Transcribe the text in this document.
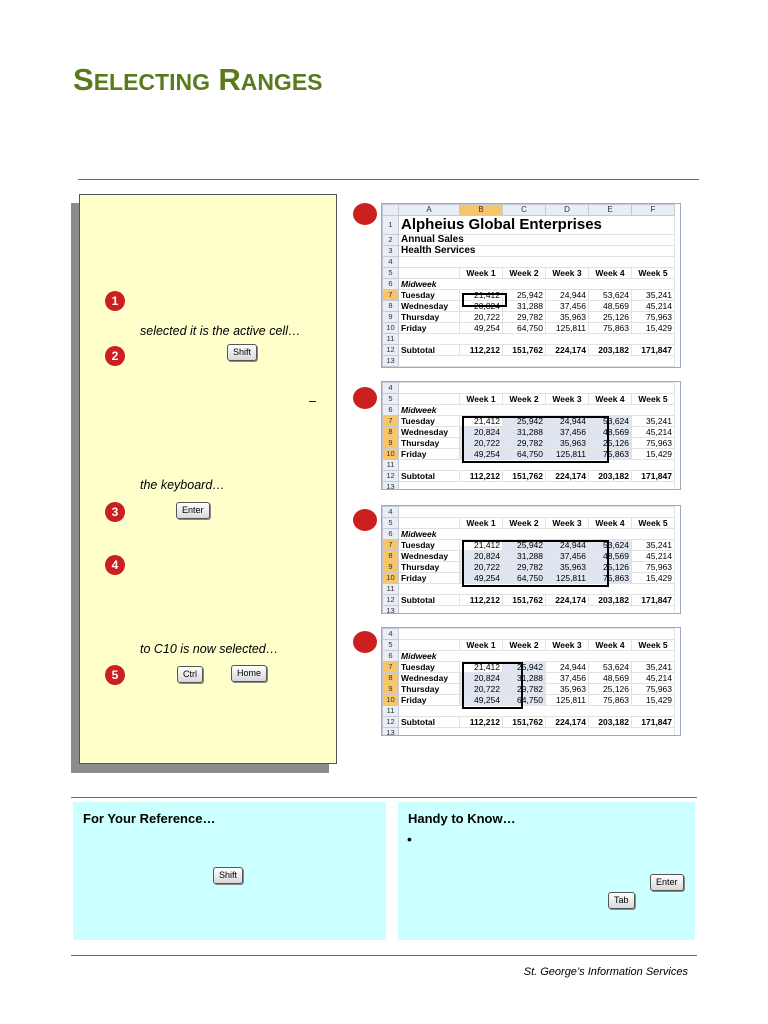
SELECTING RANGES
1
selected it is the active cell…
2	Shift
–
the keyboard…
3	Enter
4
to C10 is now selected…
5	Ctrl	Home
	A	B	C	D	E	F
1	Alpheius Global Enterprises					
2	Annual Sales					
3	Health Services					
4						
5		Week 1	Week 2	Week 3	Week 4	Week 5
6	Midweek					
7	Tuesday	21,412	25,942	24,944	53,624	35,241
8	Wednesday	20,824	31,288	37,456	48,569	45,214
9	Thursday	20,722	29,782	35,963	25,126	75,963
10	Friday	49,254	64,750	125,811	75,863	15,429
11						
12	Subtotal	112,212	151,762	224,174	203,182	171,847
13						
4						
5		Week 1	Week 2	Week 3	Week 4	Week 5
6	Midweek					
7	Tuesday	21,412	25,942	24,944	53,624	35,241
8	Wednesday	20,824	31,288	37,456	48,569	45,214
9	Thursday	20,722	29,782	35,963	25,126	75,963
10	Friday	49,254	64,750	125,811	75,863	15,429
11						
12	Subtotal	112,212	151,762	224,174	203,182	171,847
13						
4						
5		Week 1	Week 2	Week 3	Week 4	Week 5
6	Midweek					
7	Tuesday	21,412	25,942	24,944	53,624	35,241
8	Wednesday	20,824	31,288	37,456	48,569	45,214
9	Thursday	20,722	29,782	35,963	25,126	75,963
10	Friday	49,254	64,750	125,811	75,863	15,429
11						
12	Subtotal	112,212	151,762	224,174	203,182	171,847
13						
4						
5		Week 1	Week 2	Week 3	Week 4	Week 5
6	Midweek					
7	Tuesday	21,412	25,942	24,944	53,624	35,241
8	Wednesday	20,824	31,288	37,456	48,569	45,214
9	Thursday	20,722	29,782	35,963	25,126	75,963
10	Friday	49,254	64,750	125,811	75,863	15,429
11						
12	Subtotal	112,212	151,762	224,174	203,182	171,847
13						
For Your Reference…
Shift
Handy to Know…
•
Enter
Tab
St. George’s Information Services
